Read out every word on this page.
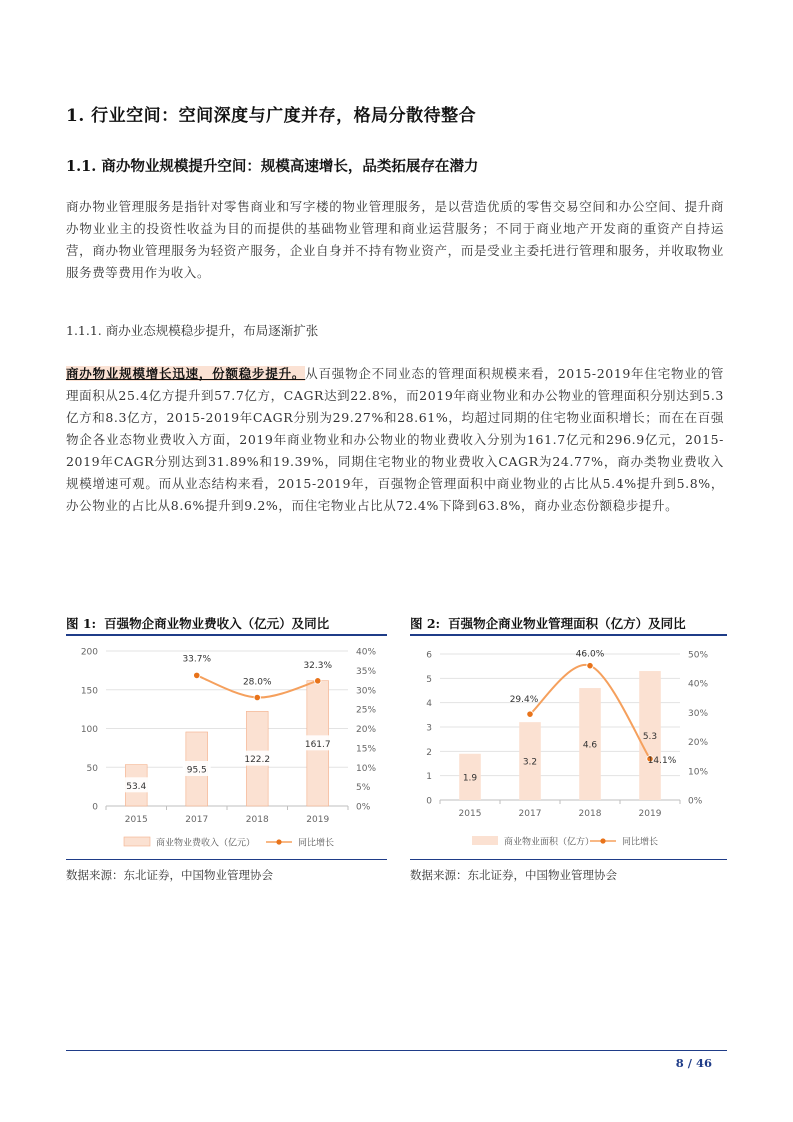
1. 行业空间：空间深度与广度并存，格局分散待整合
1.1. 商办物业规模提升空间：规模高速增长，品类拓展存在潜力
商办物业管理服务是指针对零售商业和写字楼的物业管理服务，是以营造优质的零售交易空间和办公空间、提升商办物业业主的投资性收益为目的而提供的基础物业管理和商业运营服务；不同于商业地产开发商的重资产自持运营，商办物业管理服务为轻资产服务，企业自身并不持有物业资产，而是受业主委托进行管理和服务，并收取物业服务费等费用作为收入。
1.1.1. 商办业态规模稳步提升，布局逐渐扩张
商办物业规模增长迅速，份额稳步提升。从百强物企不同业态的管理面积规模来看，2015-2019年住宅物业的管理面积从25.4亿方提升到57.7亿方，CAGR达到22.8%，而2019年商业物业和办公物业的管理面积分别达到5.3亿方和8.3亿方，2015-2019年CAGR分别为29.27%和28.61%，均超过同期的住宅物业面积增长；而在在百强物企各业态物业费收入方面，2019年商业物业和办公物业的物业费收入分别为161.7亿元和296.9亿元，2015-2019年CAGR分别达到31.89%和19.39%，同期住宅物业的物业费收入CAGR为24.77%，商办类物业费收入规模增速可观。而从业态结构来看，2015-2019年，百强物企管理面积中商业物业的占比从5.4%提升到5.8%，办公物业的占比从8.6%提升到9.2%，而住宅物业占比从72.4%下降到63.8%，商办业态份额稳步提升。
图 1: 百强物企商业物业费收入（亿元）及同比
0
50
100
150
200
0%
5%
10%
15%
20%
25%
30%
35%
40%
2015	2017	2018	2019
53.4
95.5
122.2
161.7
33.7%
28.0%
32.3%
商业物业费收入（亿元）	同比增长
数据来源：东北证券，中国物业管理协会
图 2: 百强物企商业物业管理面积（亿方）及同比
0
1
2
3
4
5
6
0%
10%
20%
30%
40%
50%
2015	2017	2018	2019
1.9
3.2
4.6
5.3
29.4%
46.0%
14.1%
商业物业面积（亿方）	同比增长
数据来源：东北证券，中国物业管理协会
8 / 46
